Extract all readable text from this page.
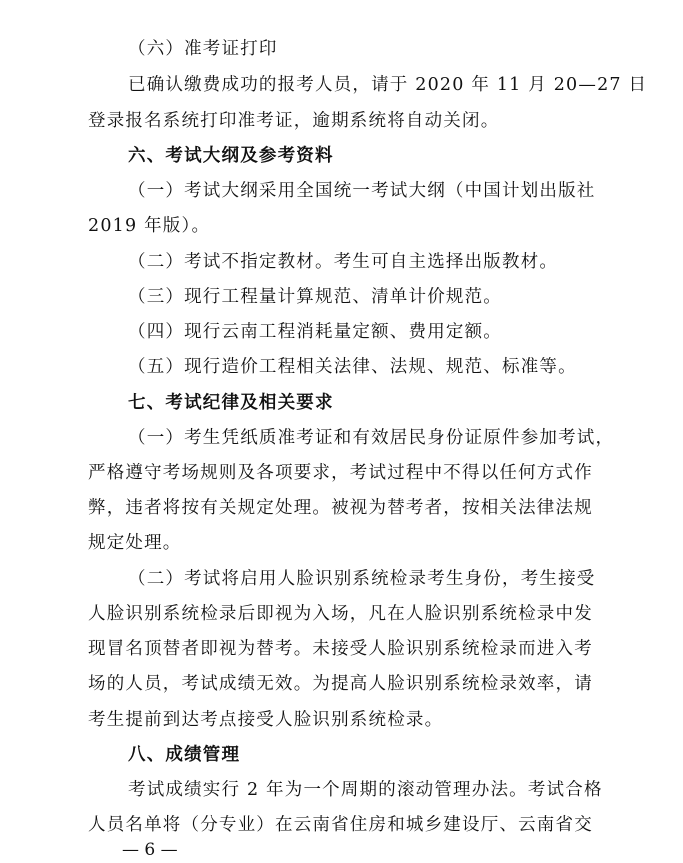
（六）准考证打印
已确认缴费成功的报考人员，请于 2020 年 11 月 20—27 日
登录报名系统打印准考证，逾期系统将自动关闭。
六、考试大纲及参考资料
（一）考试大纲采用全国统一考试大纲（中国计划出版社
2019 年版）。
（二）考试不指定教材。考生可自主选择出版教材。
（三）现行工程量计算规范、清单计价规范。
（四）现行云南工程消耗量定额、费用定额。
（五）现行造价工程相关法律、法规、规范、标准等。
七、考试纪律及相关要求
（一）考生凭纸质准考证和有效居民身份证原件参加考试，
严格遵守考场规则及各项要求，考试过程中不得以任何方式作
弊，违者将按有关规定处理。被视为替考者，按相关法律法规
规定处理。
（二）考试将启用人脸识别系统检录考生身份，考生接受
人脸识别系统检录后即视为入场，凡在人脸识别系统检录中发
现冒名顶替者即视为替考。未接受人脸识别系统检录而进入考
场的人员，考试成绩无效。为提高人脸识别系统检录效率，请
考生提前到达考点接受人脸识别系统检录。
八、成绩管理
考试成绩实行 2 年为一个周期的滚动管理办法。考试合格
人员名单将（分专业）在云南省住房和城乡建设厅、云南省交
— 6 —
